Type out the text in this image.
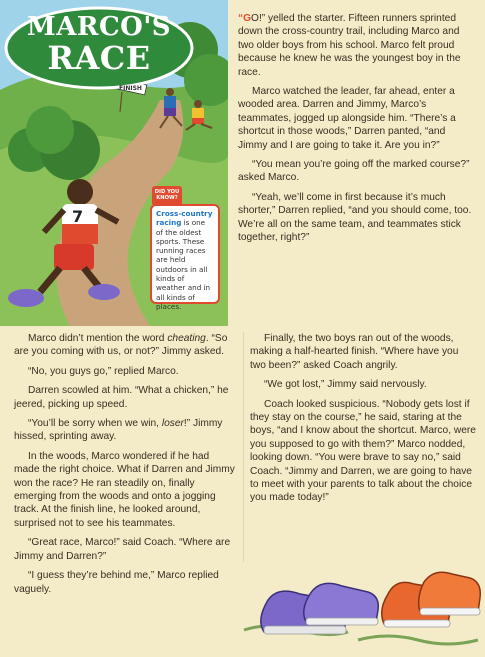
7
MARCO'S
RACE
FINISH
DID YOU KNOW?
Cross-country racing is one of the oldest sports. These running races are held outdoors in all kinds of weather and in all kinds of places.

“GO!” yelled the starter. Fifteen runners sprinted down the cross-country trail, including Marco and two older boys from his school. Marco felt proud because he knew he was the youngest boy in the race.

Marco watched the leader, far ahead, enter a wooded area. Darren and Jimmy, Marco’s teammates, jogged up alongside him. “There’s a shortcut in those woods,” Darren panted, “and Jimmy and I are going to take it. Are you in?”

“You mean you’re going off the marked course?” asked Marco.

“Yeah, we’ll come in first because it’s much shorter,” Darren replied, “and you should come, too. We’re all on the same team, and teammates stick together, right?”

Marco didn’t mention the word cheating. “So are you coming with us, or not?” Jimmy asked.

“No, you guys go,” replied Marco.

Darren scowled at him. “What a chicken,” he jeered, picking up speed.

“You’ll be sorry when we win, loser!” Jimmy hissed, sprinting away.

In the woods, Marco wondered if he had made the right choice. What if Darren and Jimmy won the race? He ran steadily on, finally emerging from the woods and onto a jogging track. At the finish line, he looked around, surprised not to see his teammates.

“Great race, Marco!” said Coach. “Where are Jimmy and Darren?”

“I guess they’re behind me,” Marco replied vaguely.

Finally, the two boys ran out of the woods, making a half-hearted finish. “Where have you two been?” asked Coach angrily.

“We got lost,” Jimmy said nervously.

Coach looked suspicious. “Nobody gets lost if they stay on the course,” he said, staring at the boys, “and I know about the shortcut. Marco, were you supposed to go with them?” Marco nodded, looking down. “You were brave to say no,” said Coach. “Jimmy and Darren, we are going to have to meet with your parents to talk about the choice you made today!”
